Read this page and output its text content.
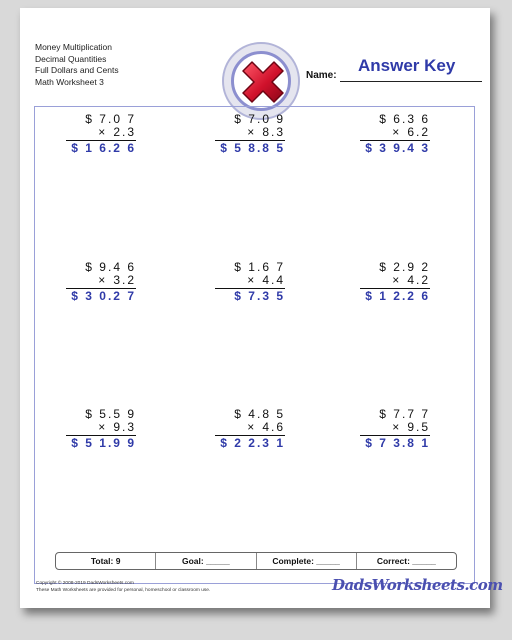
Money Multiplication
Decimal Quantities
Full Dollars and Cents
Math Worksheet 3
Name:
Answer Key
$ 7.0 7
× 2.3
$ 1 6.2 6
$ 7.0 9
× 8.3
$ 5 8.8 5
$ 6.3 6
× 6.2
$ 3 9.4 3
$ 9.4 6
× 3.2
$ 3 0.2 7
$ 1.6 7
× 4.4
$ 7.3 5
$ 2.9 2
× 4.2
$ 1 2.2 6
$ 5.5 9
× 9.3
$ 5 1.9 9
$ 4.8 5
× 4.6
$ 2 2.3 1
$ 7.7 7
× 9.5
$ 7 3.8 1
Total: 9	Goal: _____	Complete: _____	Correct: _____
Copyright © 2008-2019 DadsWorksheets.com
These Math Worksheets are provided for personal, homeschool or classroom use.	DadsWorksheets.com
